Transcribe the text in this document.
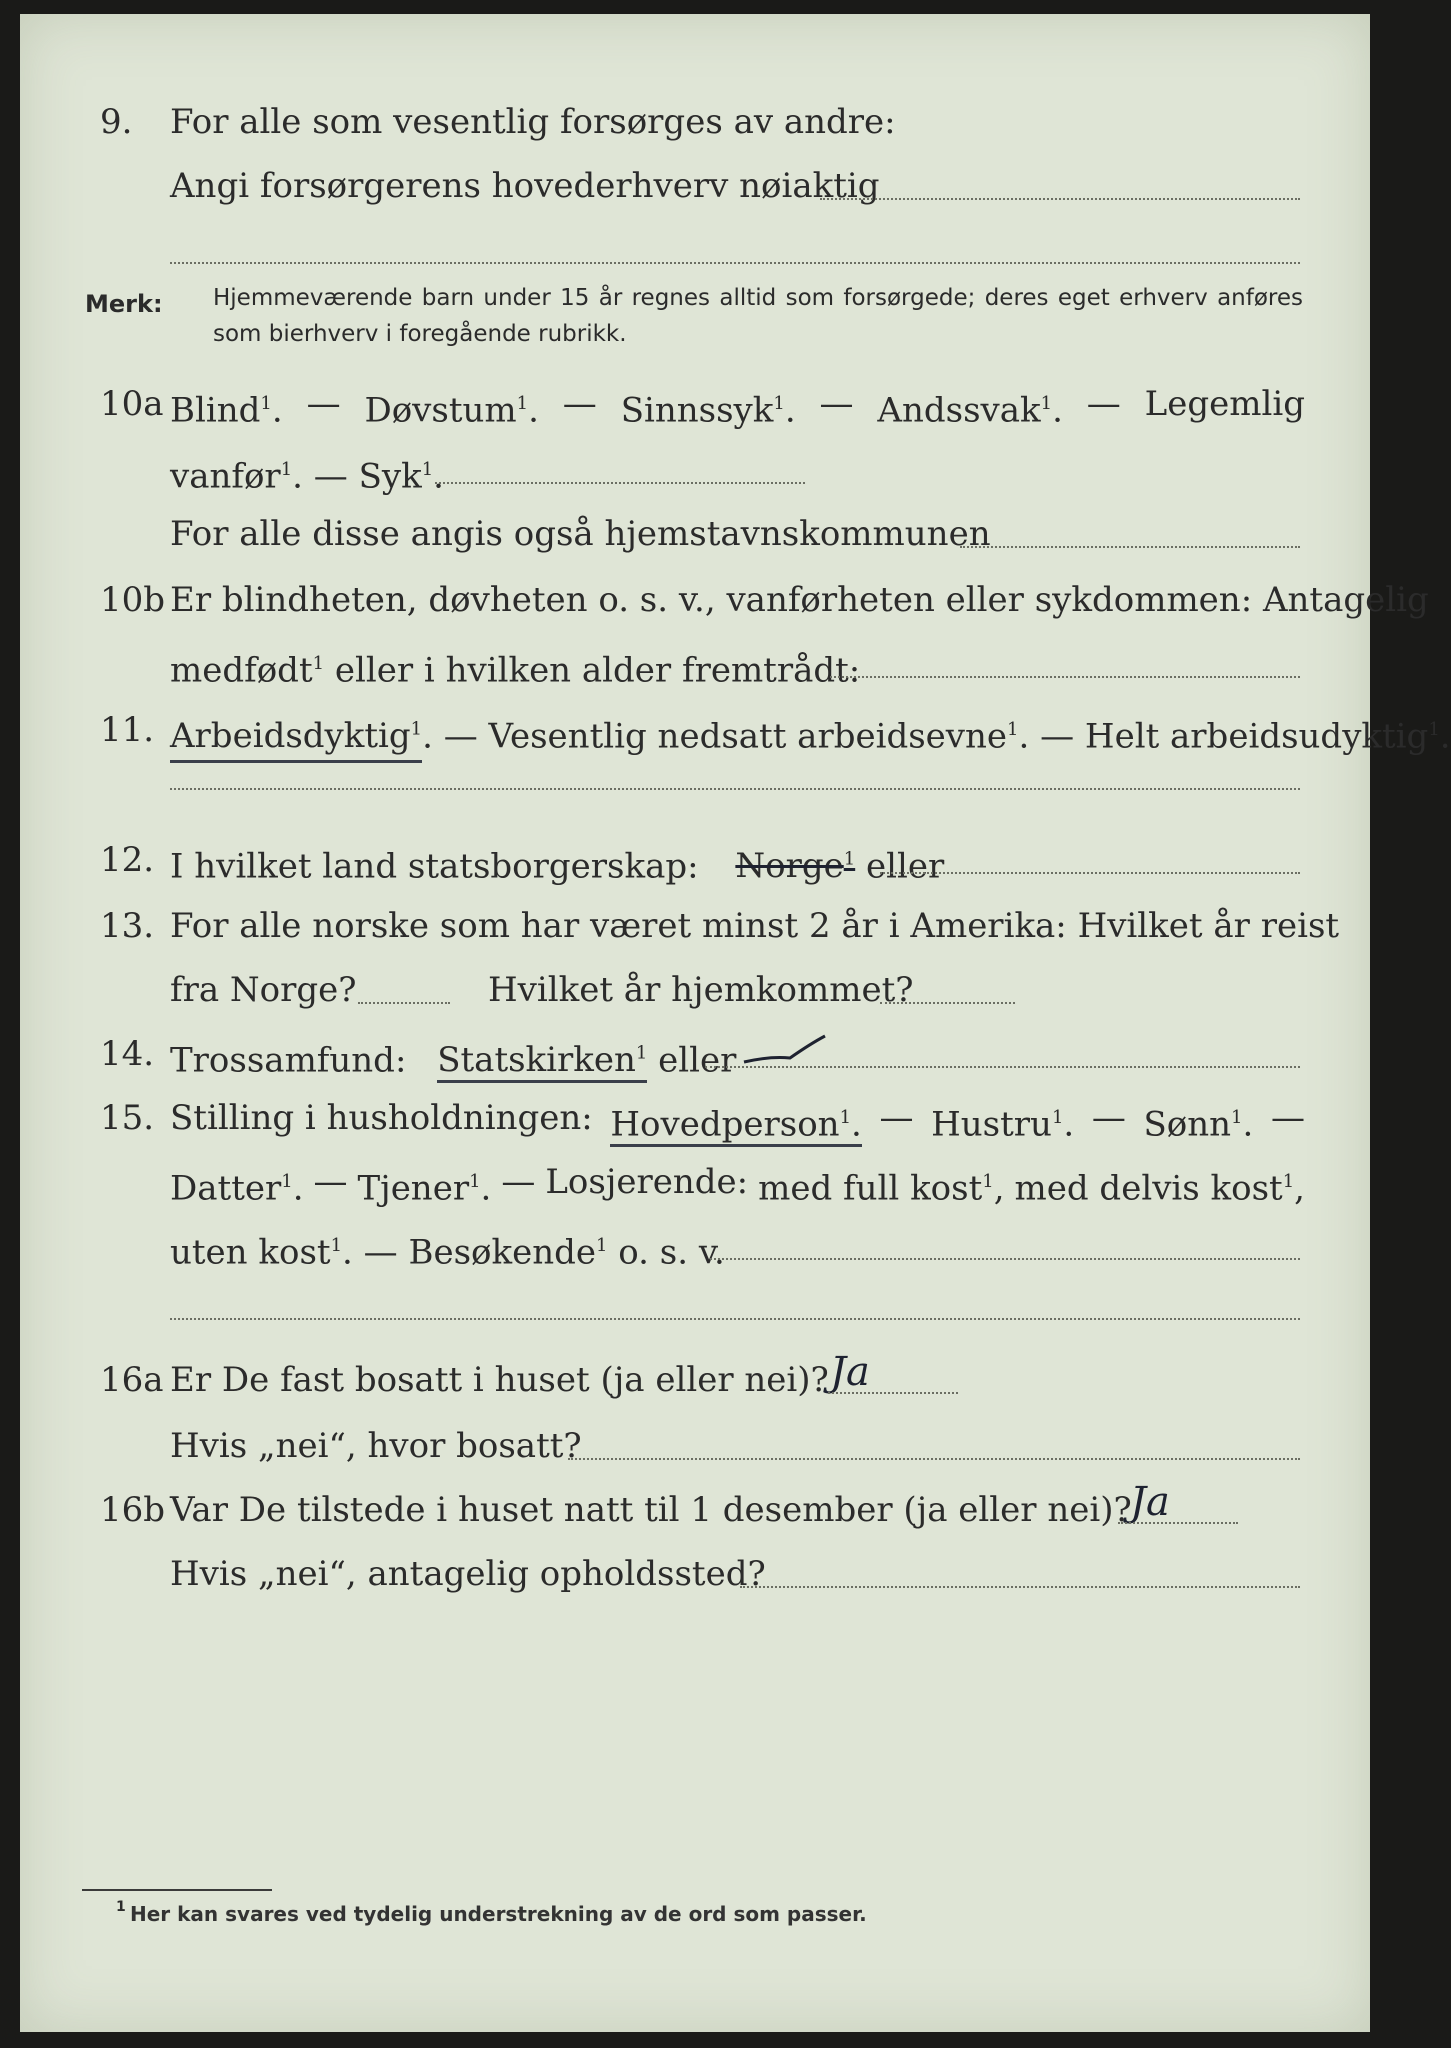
9. For alle som vesentlig forsørges av andre:
Angi forsørgerens hovederhverv nøiaktig
Merk: Hjemmeværende barn under 15 år regnes alltid som forsørgede; deres eget erhverv anføres som bierhverv i foregående rubrikk.
10a Blind$^1$. — Døvstum$^1$. — Sinnssyk$^1$. — Andssvak$^1$. — Legemlig
vanfør$^1$. — Syk$^1$.
For alle disse angis også hjemstavnskommunen
10b Er blindheten, døvheten o. s. v., vanførheten eller sykdommen: Antagelig
medfødt$^1$ eller i hvilken alder fremtrådt:
11. Arbeidsdyktig$^1$. — Vesentlig nedsatt arbeidsevne$^1$. — Helt arbeidsudyktig$^1$.
12. I hvilket land statsborgerskap: Norge$^1$ eller
13. For alle norske som har været minst 2 år i Amerika: Hvilket år reist
fra Norge?	Hvilket år hjemkommet?
14. Trossamfund: Statskirken$^1$ eller
15. Stilling i husholdningen: Hovedperson$^1$. — Hustru$^1$. — Sønn$^1$. —
Datter$^1$. — Tjener$^1$. — Losjerende: med full kost$^1$, med delvis kost$^1$,
uten kost$^1$. — Besøkende$^1$ o. s. v.
16a Er De fast bosatt i huset (ja eller nei)? Ja
Hvis „nei“, hvor bosatt?
16b Var De tilstede i huset natt til 1 desember (ja eller nei)?
Ja
Hvis „nei“, antagelig opholdssted?
1 Her kan svares ved tydelig understrekning av de ord som passer.
